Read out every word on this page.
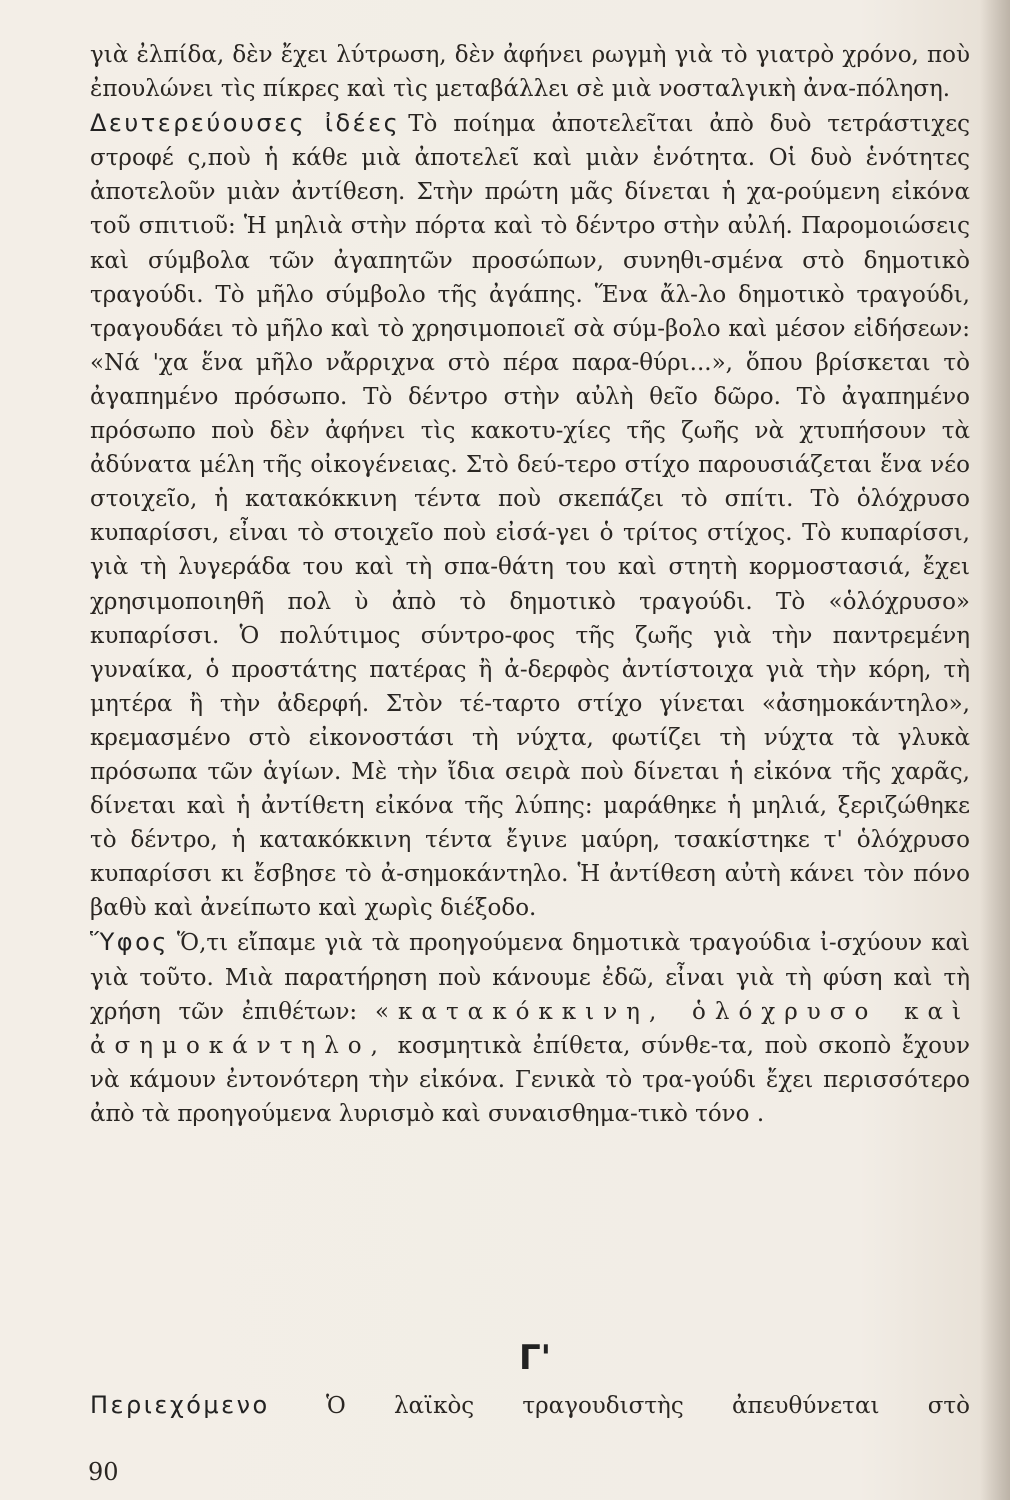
γιὰ ἐλπίδα, δὲν ἔχει λύτρωση, δὲν ἀφήνει ρωγμὴ γιὰ τὸ γιατρὸ χρόνο, ποὺ ἐπουλώνει τὶς πίκρες καὶ τὶς μεταβάλλει σὲ μιὰ νοσταλγικὴ ἀνα-πόληση.

Δευτερεύουσες ἰδέες Τὸ ποίημα ἀποτελεῖται ἀπὸ δυὸ τετράστιχες στροφέ ς,ποὺ ἡ κάθε μιὰ ἀποτελεῖ καὶ μιὰν ἑνότητα. Οἱ δυὸ ἑνότητες ἀποτελοῦν μιὰν ἀντίθεση. Στὴν πρώτη μᾶς δίνεται ἡ χα-ρούμενη εἰκόνα τοῦ σπιτιοῦ: Ἡ μηλιὰ στὴν πόρτα καὶ τὸ δέντρο στὴν αὐλή. Παρομοιώσεις καὶ σύμβολα τῶν ἀγαπητῶν προσώπων, συνηθι-σμένα στὸ δημοτικὸ τραγούδι. Τὸ μῆλο σύμβολο τῆς ἀγάπης. Ἕνα ἄλ-λο δημοτικὸ τραγούδι, τραγουδάει τὸ μῆλο καὶ τὸ χρησιμοποιεῖ σὰ σύμ-βολο καὶ μέσον εἰδήσεων: «Νά 'χα ἕνα μῆλο νἄρριχνα στὸ πέρα παρα-θύρι...», ὅπου βρίσκεται τὸ ἀγαπημένο πρόσωπο. Τὸ δέντρο στὴν αὐλὴ θεῖο δῶρο. Τὸ ἀγαπημένο πρόσωπο ποὺ δὲν ἀφήνει τὶς κακοτυ-χίες τῆς ζωῆς νὰ χτυπήσουν τὰ ἀδύνατα μέλη τῆς οἰκογένειας. Στὸ δεύ-τερο στίχο παρουσιάζεται ἕνα νέο στοιχεῖο, ἡ κατακόκκινη τέντα ποὺ σκεπάζει τὸ σπίτι. Τὸ ὁλόχρυσο κυπαρίσσι, εἶναι τὸ στοιχεῖο ποὺ εἰσά-γει ὁ τρίτος στίχος. Τὸ κυπαρίσσι, γιὰ τὴ λυγεράδα του καὶ τὴ σπα-θάτη του καὶ στητὴ κορμοστασιά, ἔχει χρησιμοποιηθῆ πολ ὺ ἀπὸ τὸ δημοτικὸ τραγούδι. Τὸ «ὁλόχρυσο» κυπαρίσσι. Ὁ πολύτιμος σύντρο-φος τῆς ζωῆς γιὰ τὴν παντρεμένη γυναίκα, ὁ προστάτης πατέρας ἢ ἀ-δερφὸς ἀντίστοιχα γιὰ τὴν κόρη, τὴ μητέρα ἢ τὴν ἀδερφή. Στὸν τέ-ταρτο στίχο γίνεται «ἀσημοκάντηλο», κρεμασμένο στὸ εἰκονοστάσι τὴ νύχτα, φωτίζει τὴ νύχτα τὰ γλυκὰ πρόσωπα τῶν ἁγίων. Μὲ τὴν ἴδια σειρὰ ποὺ δίνεται ἡ εἰκόνα τῆς χαρᾶς, δίνεται καὶ ἡ ἀντίθετη εἰκόνα τῆς λύπης: μαράθηκε ἡ μηλιά, ξεριζώθηκε τὸ δέντρο, ἡ κατακόκκινη τέντα ἔγινε μαύρη, τσακίστηκε τ' ὁλόχρυσο κυπαρίσσι κι ἔσβησε τὸ ἀ-σημοκάντηλο. Ἡ ἀντίθεση αὐτὴ κάνει τὸν πόνο βαθὺ καὶ ἀνείπωτο καὶ χωρὶς διέξοδο.

Ὕφος Ὅ,τι εἴπαμε γιὰ τὰ προηγούμενα δημοτικὰ τραγούδια ἰ-σχύουν καὶ γιὰ τοῦτο. Μιὰ παρατήρηση ποὺ κάνουμε ἐδῶ, εἶναι γιὰ τὴ φύση καὶ τὴ χρήση τῶν ἐπιθέτων: «κατακόκκινη, ὁλόχρυσο καὶ ἀσημοκάντηλο, κοσμητικὰ ἐπίθετα, σύνθε-τα, ποὺ σκοπὸ ἔχουν νὰ κάμουν ἐντονότερη τὴν εἰκόνα. Γενικὰ τὸ τρα-γούδι ἔχει περισσότερο ἀπὸ τὰ προηγούμενα λυρισμὸ καὶ συναισθημα-τικὸ τόνο .

Γ'
Περιεχόμενο Ὁ λαϊκὸς τραγουδιστὴς ἀπευθύνεται στὸ
90
